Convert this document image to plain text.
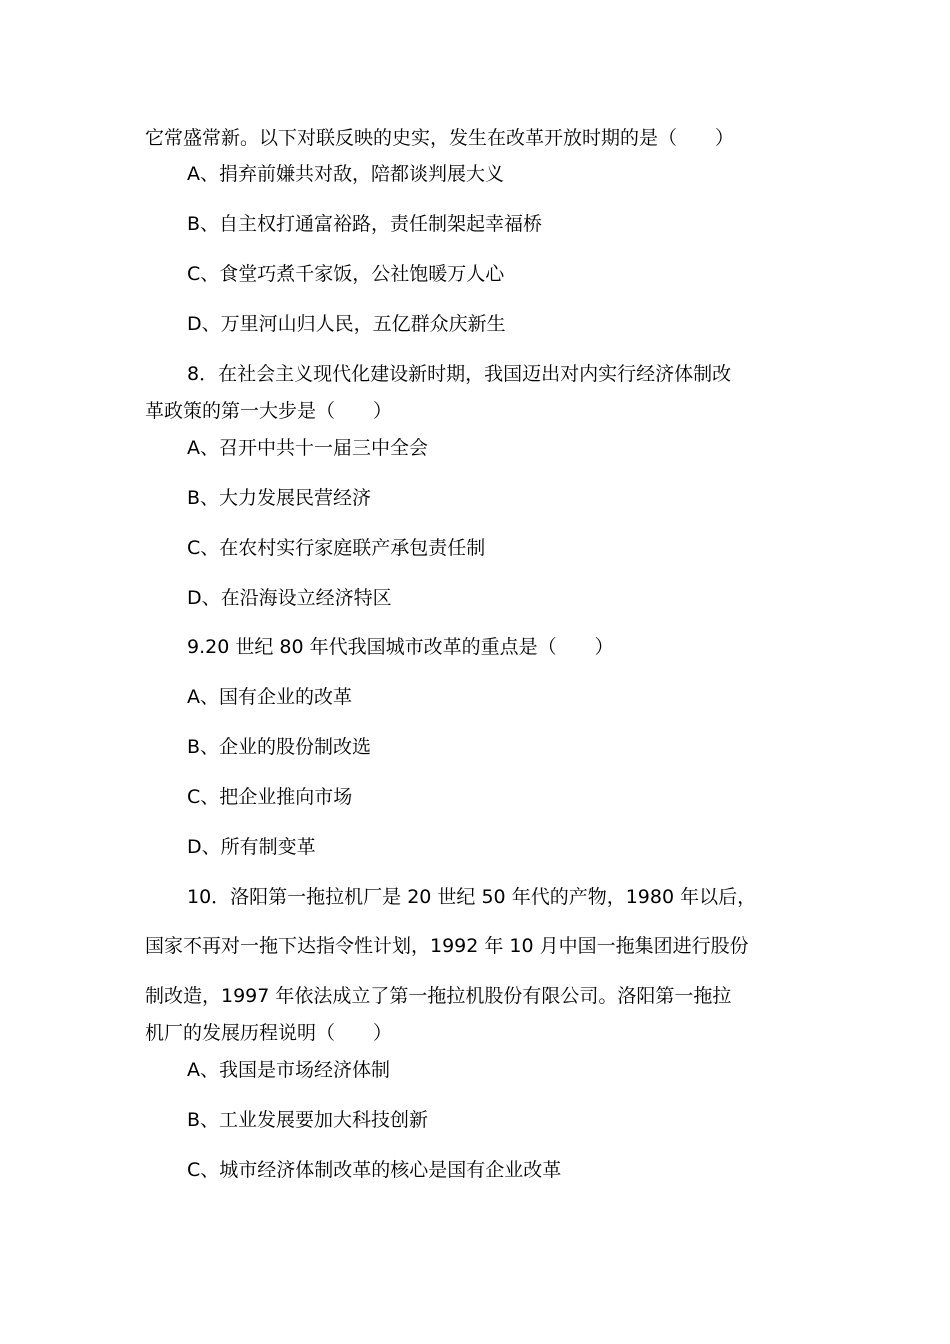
它常盛常新。以下对联反映的史实，发生在改革开放时期的是（　　）
A、捐弃前嫌共对敌，陪都谈判展大义
B、自主权打通富裕路，责任制架起幸福桥
C、食堂巧煮千家饭，公社饱暖万人心
D、万里河山归人民，五亿群众庆新生
8．在社会主义现代化建设新时期，我国迈出对内实行经济体制改
革政策的第一大步是（　　）
A、召开中共十一届三中全会
B、大力发展民营经济
C、在农村实行家庭联产承包责任制
D、在沿海设立经济特区
9.20 世纪 80 年代我国城市改革的重点是（　　）
A、国有企业的改革
B、企业的股份制改选
C、把企业推向市场
D、所有制变革
10．洛阳第一拖拉机厂是 20 世纪 50 年代的产物，1980 年以后，
国家不再对一拖下达指令性计划，1992 年 10 月中国一拖集团进行股份
制改造，1997 年依法成立了第一拖拉机股份有限公司。洛阳第一拖拉
机厂的发展历程说明（　　）
A、我国是市场经济体制
B、工业发展要加大科技创新
C、城市经济体制改革的核心是国有企业改革
